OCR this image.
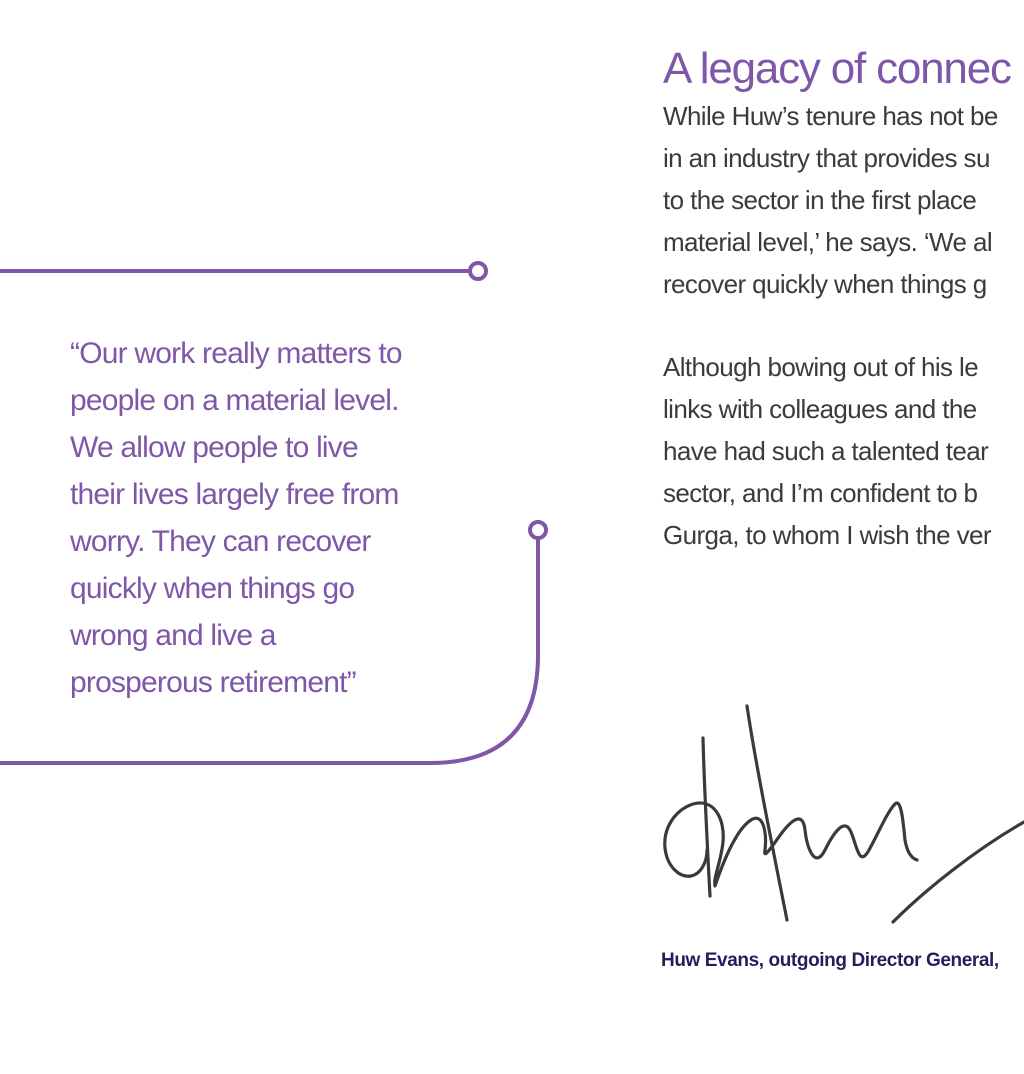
“Our work really matters to
people on a material level.
We allow people to live
their lives largely free from
worry. They can recover
quickly when things go
wrong and live a
prosperous retirement”
A legacy of connec
While Huw’s tenure has not be
in an industry that provides su
to the sector in the first place
material level,’ he says. ‘We al
recover quickly when things g
Although bowing out of his le
links with colleagues and the
have had such a talented tear
sector, and I’m confident to b
Gurga, to whom I wish the ver
Huw Evans, outgoing Director General,
